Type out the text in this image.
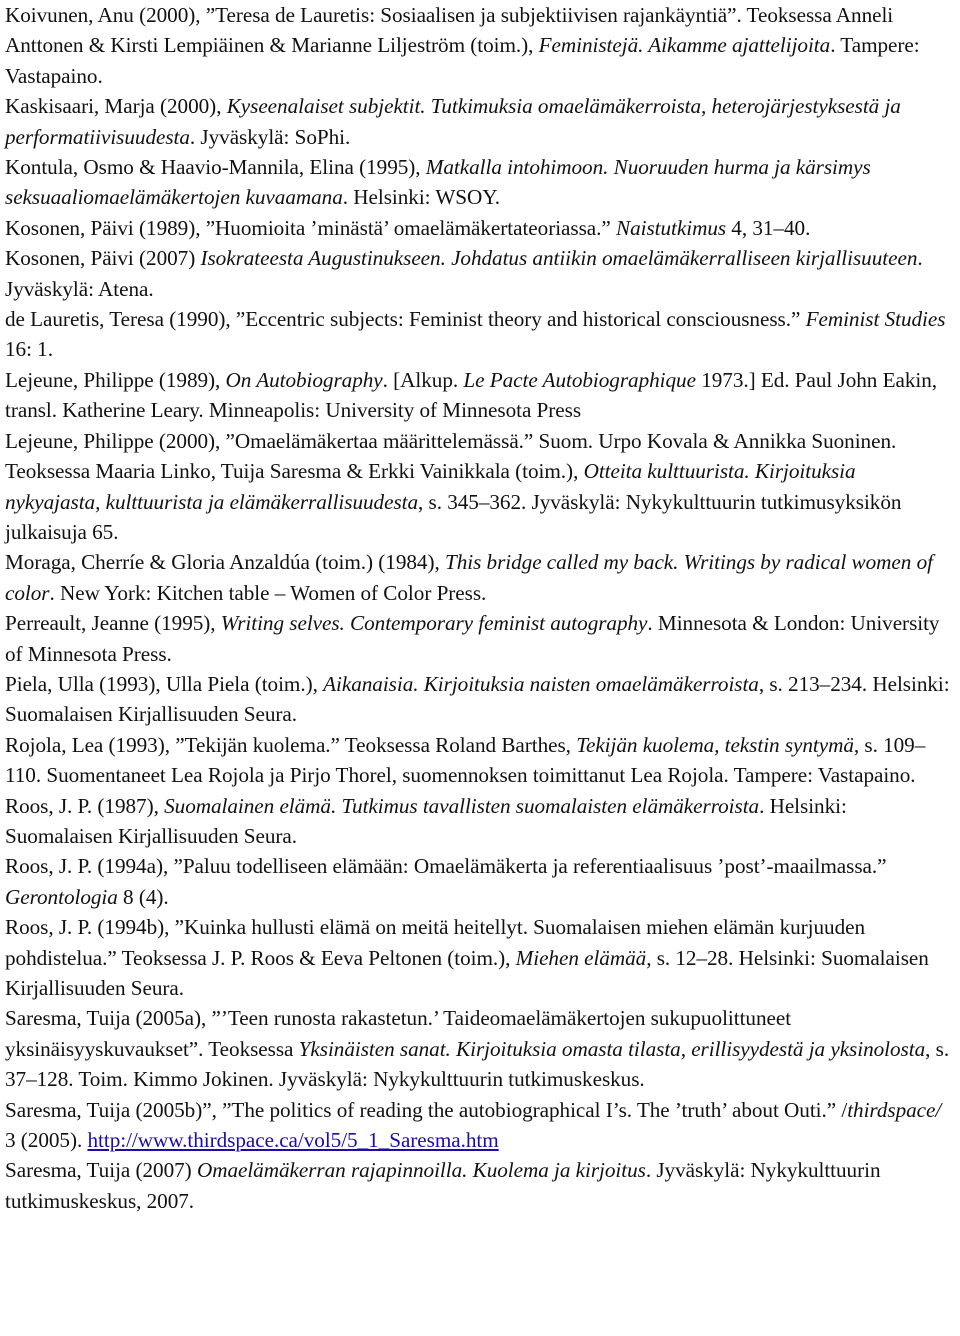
Koivunen, Anu (2000), ”Teresa de Lauretis: Sosiaalisen ja subjektiivisen rajankäyntiä”. Teoksessa Anneli Anttonen & Kirsti Lempiäinen & Marianne Liljeström (toim.), Feministejä. Aikamme ajattelijoita. Tampere: Vastapaino.

Kaskisaari, Marja (2000), Kyseenalaiset subjektit. Tutkimuksia omaelämäkerroista, heterojärjestyksestä ja performatiivisuudesta. Jyväskylä: SoPhi.

Kontula, Osmo & Haavio-Mannila, Elina (1995), Matkalla intohimoon. Nuoruuden hurma ja kärsimys seksuaaliomaelämäkertojen kuvaamana. Helsinki: WSOY.

Kosonen, Päivi (1989), ”Huomioita ’minästä’ omaelämäkertateoriassa.” Naistutkimus 4, 31–40.

Kosonen, Päivi (2007) Isokrateesta Augustinukseen. Johdatus antiikin omaelämäkerralliseen kirjallisuuteen. Jyväskylä: Atena.

de Lauretis, Teresa (1990), ”Eccentric subjects: Feminist theory and historical consciousness.” Feminist Studies 16: 1.

Lejeune, Philippe (1989), On Autobiography. [Alkup. Le Pacte Autobiographique 1973.] Ed. Paul John Eakin, transl. Katherine Leary. Minneapolis: University of Minnesota Press

Lejeune, Philippe (2000), ”Omaelämäkertaa määrittelemässä.” Suom. Urpo Kovala & Annikka Suoninen. Teoksessa Maaria Linko, Tuija Saresma & Erkki Vainikkala (toim.), Otteita kulttuurista. Kirjoituksia nykyajasta, kulttuurista ja elämäkerrallisuudesta, s. 345–362. Jyväskylä: Nykykulttuurin tutkimusyksikön julkaisuja 65.

Moraga, Cherríe & Gloria Anzaldúa (toim.) (1984), This bridge called my back. Writings by radical women of color. New York: Kitchen table – Women of Color Press.

Perreault, Jeanne (1995), Writing selves. Contemporary feminist autography. Minnesota & London: University of Minnesota Press.

Piela, Ulla (1993), Ulla Piela (toim.), Aikanaisia. Kirjoituksia naisten omaelämäkerroista, s. 213–234. Helsinki: Suomalaisen Kirjallisuuden Seura.

Rojola, Lea (1993), ”Tekijän kuolema.” Teoksessa Roland Barthes, Tekijän kuolema, tekstin syntymä, s. 109–110. Suomentaneet Lea Rojola ja Pirjo Thorel, suomennoksen toimittanut Lea Rojola. Tampere: Vastapaino.

Roos, J. P. (1987), Suomalainen elämä. Tutkimus tavallisten suomalaisten elämäkerroista. Helsinki: Suomalaisen Kirjallisuuden Seura.

Roos, J. P. (1994a), ”Paluu todelliseen elämään: Omaelämäkerta ja referentiaalisuus ’post’-maailmassa.” Gerontologia 8 (4).

Roos, J. P. (1994b), ”Kuinka hullusti elämä on meitä heitellyt. Suomalaisen miehen elämän kurjuuden pohdistelua.” Teoksessa J. P. Roos & Eeva Peltonen (toim.), Miehen elämää, s. 12–28. Helsinki: Suomalaisen Kirjallisuuden Seura.

Saresma, Tuija (2005a), ”’Teen runosta rakastetun.’ Taideomaelämäkertojen sukupuolittuneet yksinäisyyskuvaukset”. Teoksessa Yksinäisten sanat. Kirjoituksia omasta tilasta, erillisyydestä ja yksinolosta, s. 37–128. Toim. Kimmo Jokinen. Jyväskylä: Nykykulttuurin tutkimuskeskus.

Saresma, Tuija (2005b)”, ”The politics of reading the autobiographical I’s. The ’truth’ about Outi.” /thirdspace/ 3 (2005). http://www.thirdspace.ca/vol5/5_1_Saresma.htm

Saresma, Tuija (2007) Omaelämäkerran rajapinnoilla. Kuolema ja kirjoitus. Jyväskylä: Nykykulttuurin tutkimuskeskus, 2007.
